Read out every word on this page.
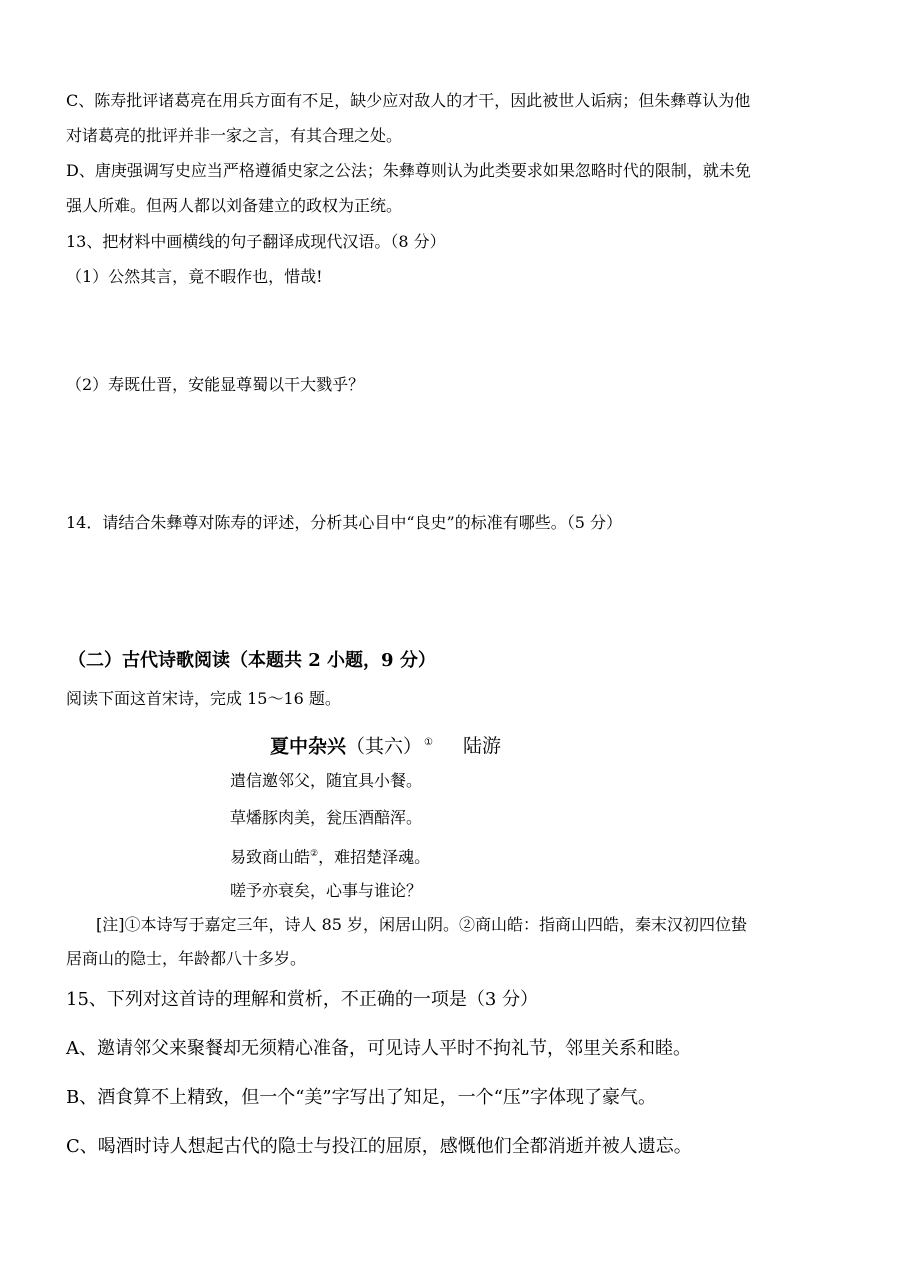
C、陈寿批评诸葛亮在用兵方面有不足，缺少应对敌人的才干，因此被世人诟病；但朱彝尊认为他
对诸葛亮的批评并非一家之言，有其合理之处。
D、唐庚强调写史应当严格遵循史家之公法；朱彝尊则认为此类要求如果忽略时代的限制，就未免
强人所难。但两人都以刘备建立的政权为正统。
13、把材料中画横线的句子翻译成现代汉语。（8 分）
（1）公然其言，竟不暇作也，惜哉!
（2）寿既仕晋，安能显尊蜀以干大戮乎？
14．请结合朱彝尊对陈寿的评述，分析其心目中“良史”的标准有哪些。（5 分）
（二）古代诗歌阅读（本题共 2 小题，9 分）
阅读下面这首宋诗，完成 15～16 题。
夏中杂兴（其六） ① 陆游
遣信邀邻父，随宜具小餐。
草燔豚肉美，瓮压酒醅浑。
易致商山皓②，难招楚泽魂。
嗟予亦衰矣，心事与谁论？
[注]①本诗写于嘉定三年，诗人 85 岁，闲居山阴。②商山皓：指商山四皓，秦末汉初四位蛰
居商山的隐士，年龄都八十多岁。
15、下列对这首诗的理解和赏析，不正确的一项是（3 分）
A、邀请邻父来聚餐却无须精心准备，可见诗人平时不拘礼节，邻里关系和睦。
B、酒食算不上精致，但一个“美”字写出了知足，一个“压”字体现了豪气。
C、喝酒时诗人想起古代的隐士与投江的屈原，感慨他们全都消逝并被人遗忘。
